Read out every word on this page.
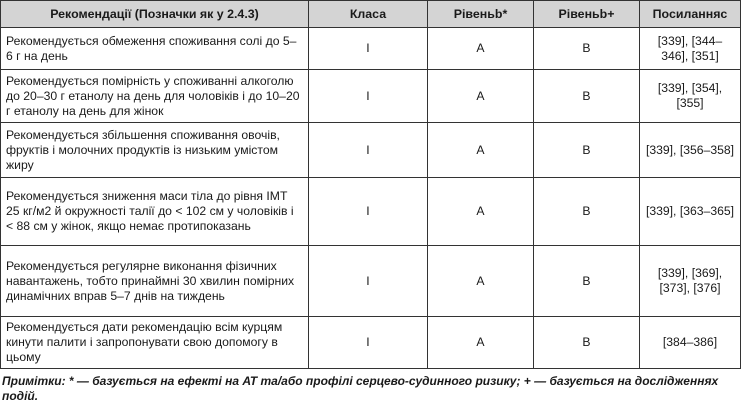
Рекомендації (Позначки як у 2.4.3)	Класа	Рівеньb*	Рівеньb+	Посиланняс
Рекомендується обмеження споживання солі до 5–6 г на день	I	A	B	[339], [344–346], [351]
Рекомендується помірність у споживанні алкоголю до 20–30 г етанолу на день для чоловіків і до 10–20 г етанолу на день для жінок	I	A	B	[339], [354], [355]
Рекомендується збільшення споживання овочів, фруктів і молочних продуктів із низьким умістом жиру	I	A	B	[339], [356–358]
Рекомендується зниження маси тіла до рівня ІМТ 25 кг/м2 й окружності талії до < 102 см у чоловіків і < 88 см у жінок, якщо немає протипоказань	I	A	B	[339], [363–365]
Рекомендується регулярне виконання фізичних навантажень, тобто принаймні 30 хвилин помірних динамічних вправ 5–7 днів на тиждень	I	A	B	[339], [369], [373], [376]
Рекомендується дати рекомендацію всім курцям кинути палити і запропонувати свою допомогу в цьому	I	A	B	[384–386]
Примітки: * — базується на ефекті на АТ та/або профілі серцево-судинного ризику; + — базується на дослідженнях подій.
